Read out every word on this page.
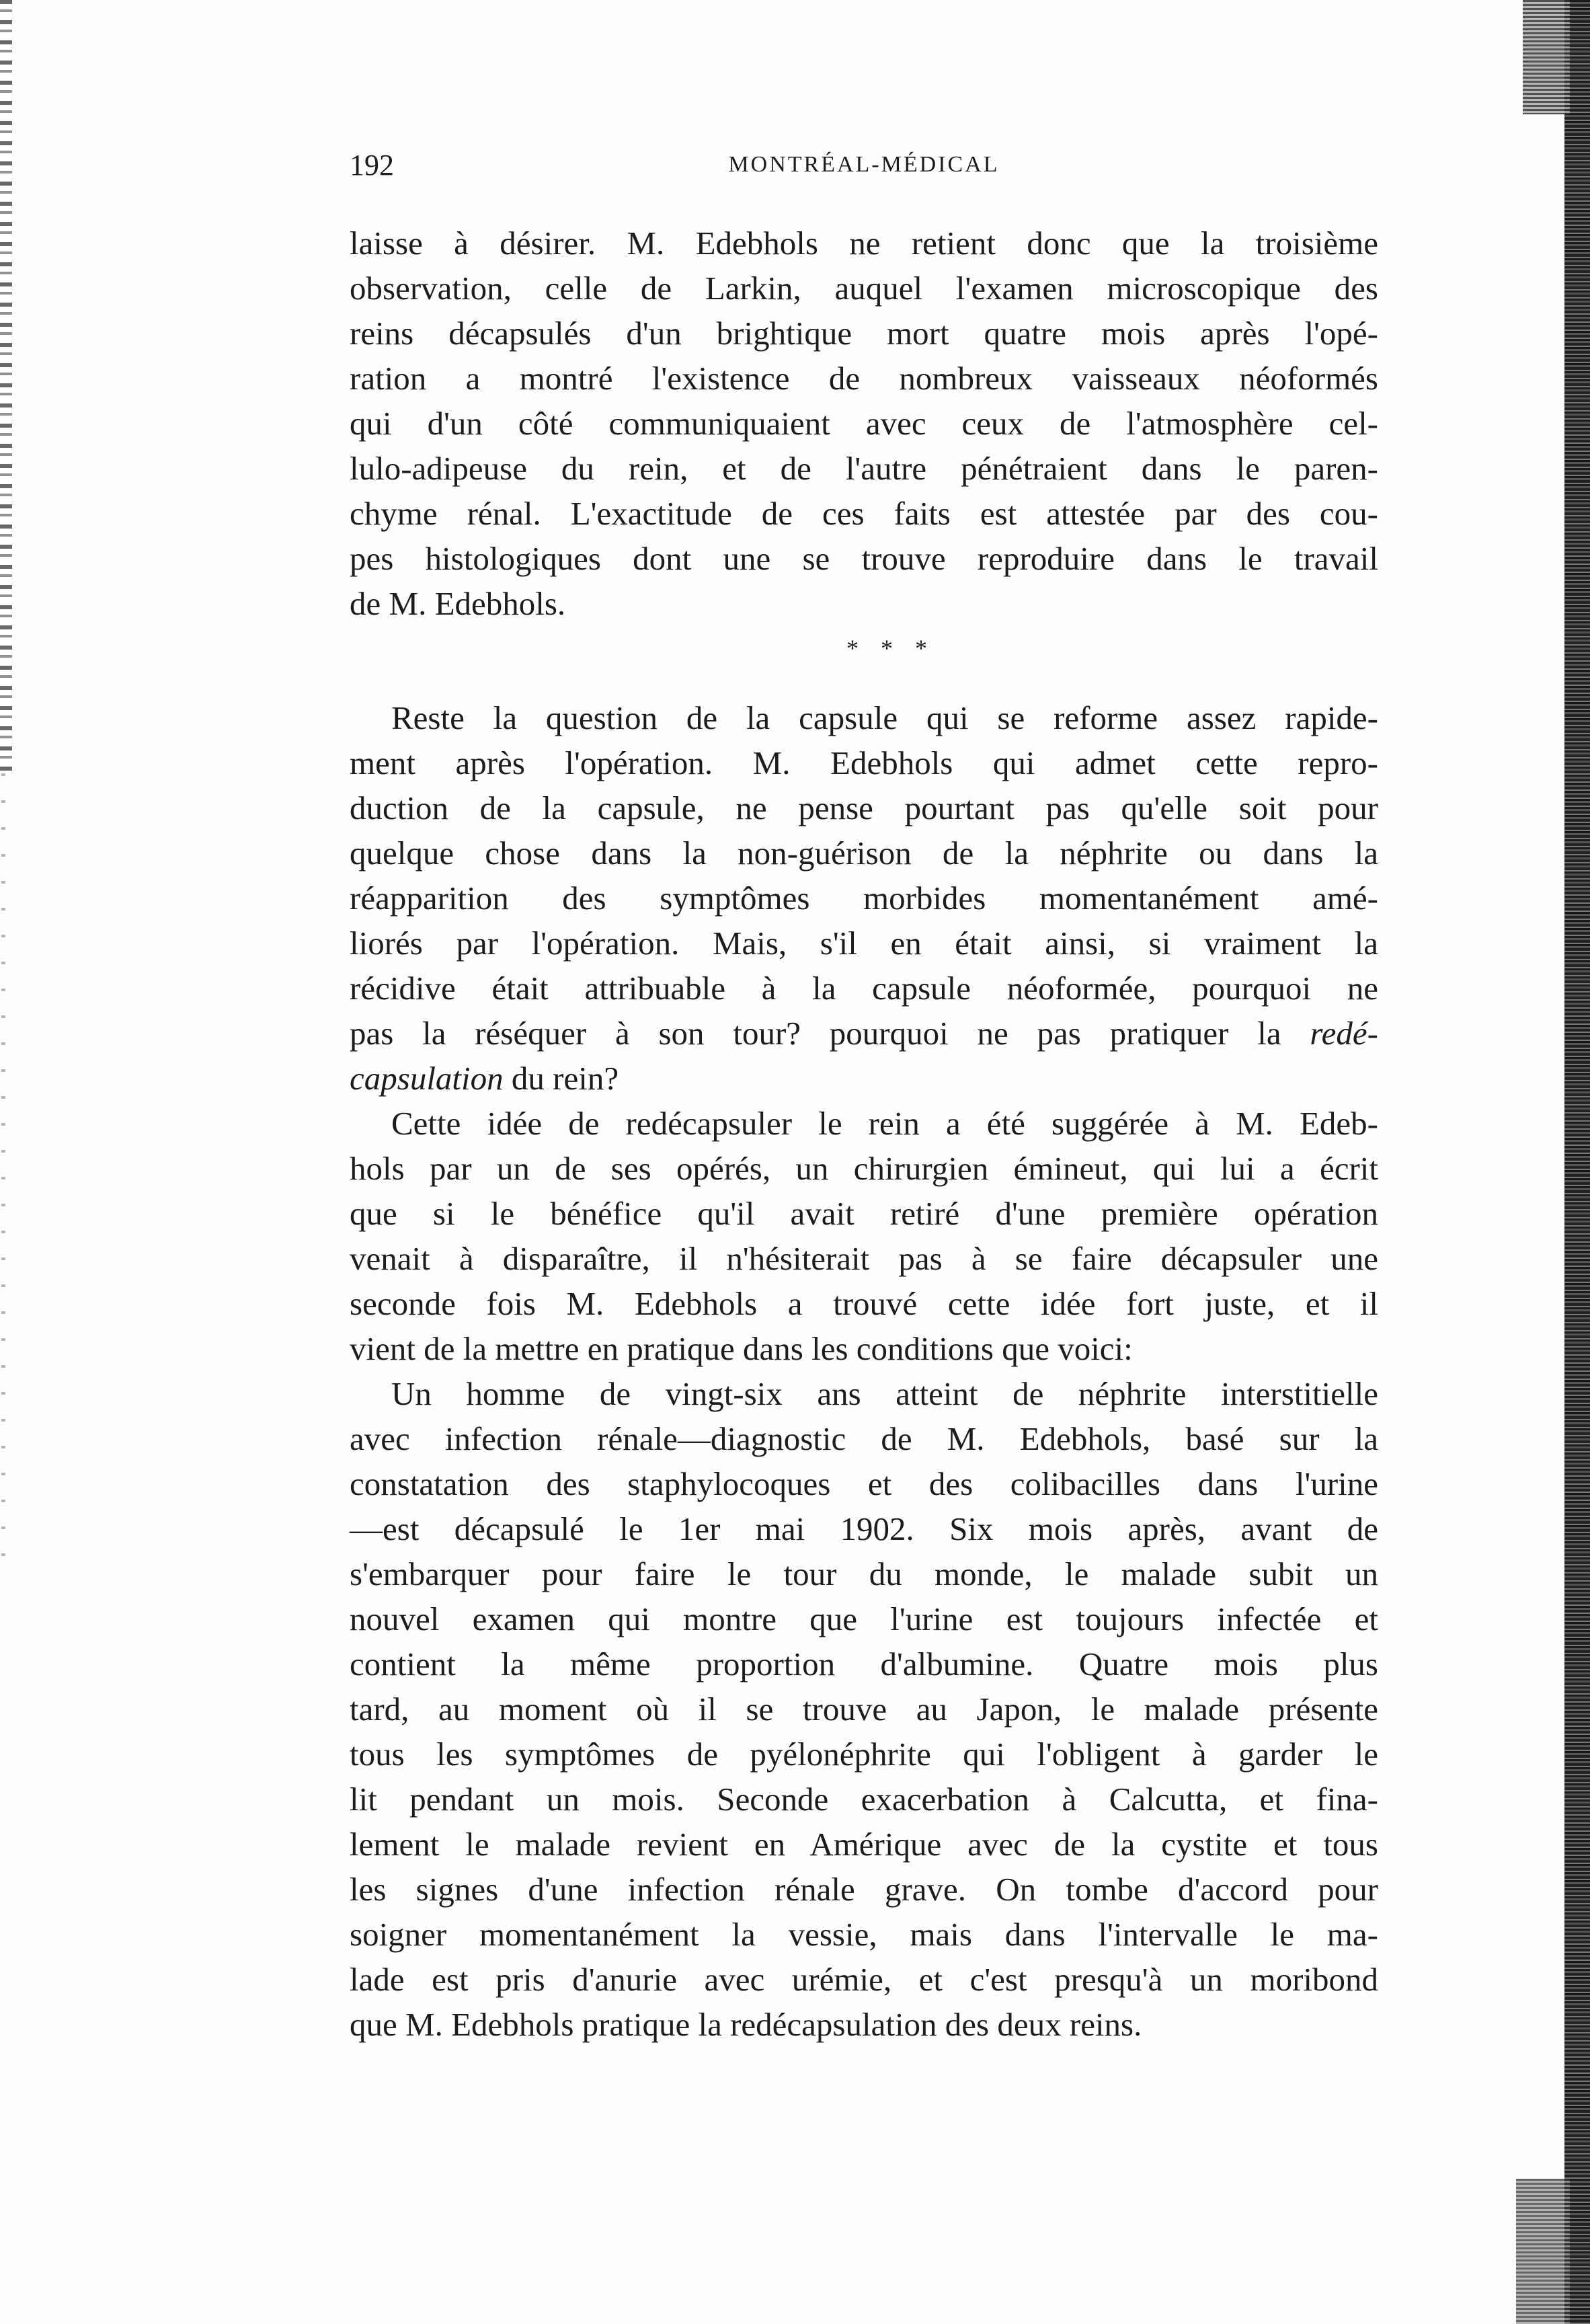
192	MONTRÉAL-MÉDICAL
laisse à désirer. M. Edebhols ne retient donc que la troisième
observation, celle de Larkin, auquel l'examen microscopique des
reins décapsulés d'un brightique mort quatre mois après l'opé-
ration a montré l'existence de nombreux vaisseaux néoformés
qui d'un côté communiquaient avec ceux de l'atmosphère cel-
lulo-adipeuse du rein, et de l'autre pénétraient dans le paren-
chyme rénal. L'exactitude de ces faits est attestée par des cou-
pes histologiques dont une se trouve reproduire dans le travail
de M. Edebhols.
* * *
Reste la question de la capsule qui se reforme assez rapide-
ment après l'opération. M. Edebhols qui admet cette repro-
duction de la capsule, ne pense pourtant pas qu'elle soit pour
quelque chose dans la non-guérison de la néphrite ou dans la
réapparition des symptômes morbides momentanément amé-
liorés par l'opération. Mais, s'il en était ainsi, si vraiment la
récidive était attribuable à la capsule néoformée, pourquoi ne
pas la réséquer à son tour? pourquoi ne pas pratiquer la redé-
capsulation du rein?
Cette idée de redécapsuler le rein a été suggérée à M. Edeb-
hols par un de ses opérés, un chirurgien émineut, qui lui a écrit
que si le bénéfice qu'il avait retiré d'une première opération
venait à disparaître, il n'hésiterait pas à se faire décapsuler une
seconde fois M. Edebhols a trouvé cette idée fort juste, et il
vient de la mettre en pratique dans les conditions que voici:
Un homme de vingt-six ans atteint de néphrite interstitielle
avec infection rénale—diagnostic de M. Edebhols, basé sur la
constatation des staphylocoques et des colibacilles dans l'urine
—est décapsulé le 1er mai 1902. Six mois après, avant de
s'embarquer pour faire le tour du monde, le malade subit un
nouvel examen qui montre que l'urine est toujours infectée et
contient la même proportion d'albumine. Quatre mois plus
tard, au moment où il se trouve au Japon, le malade présente
tous les symptômes de pyélonéphrite qui l'obligent à garder le
lit pendant un mois. Seconde exacerbation à Calcutta, et fina-
lement le malade revient en Amérique avec de la cystite et tous
les signes d'une infection rénale grave. On tombe d'accord pour
soigner momentanément la vessie, mais dans l'intervalle le ma-
lade est pris d'anurie avec urémie, et c'est presqu'à un moribond
que M. Edebhols pratique la redécapsulation des deux reins.
